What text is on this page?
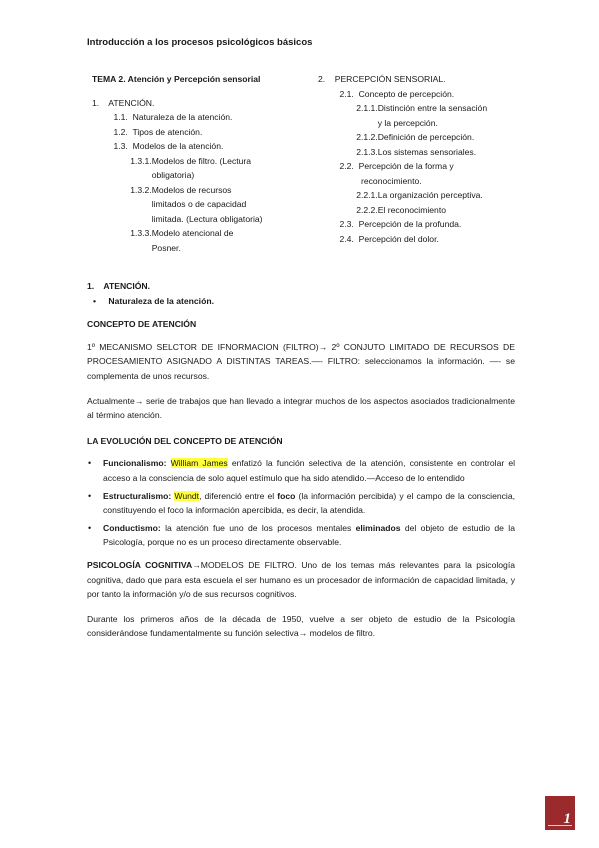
Introducción a los procesos psicológicos básicos
TEMA 2. Atención y Percepción sensorial
1.    ATENCIÓN.
1.1.  Naturaleza de la atención.
1.2.  Tipos de atención.
1.3.  Modelos de la atención.
1.3.1.Modelos de filtro. (Lectura
obligatoria)
1.3.2.Modelos de recursos
limitados o de capacidad
limitada. (Lectura obligatoria)
1.3.3.Modelo atencional de
Posner.
2.    PERCEPCIÓN SENSORIAL.
2.1.  Concepto de percepción.
2.1.1.Distinción entre la sensación
y la percepción.
2.1.2.Definición de percepción.
2.1.3.Los sistemas sensoriales.
2.2.  Percepción de la forma y
reconocimiento.
2.2.1.La organización perceptiva.
2.2.2.El reconocimiento
2.3.  Percepción de la profunda.
2.4.  Percepción del dolor.
1.    ATENCIÓN.
• Naturaleza de la atención.
CONCEPTO DE ATENCIÓN

1º MECANISMO SELCTOR DE IFNORMACION (FILTRO)→ 2º CONJUTO LIMITADO DE RECURSOS DE PROCESAMIENTO ASIGNADO A DISTINTAS TAREAS.—- FILTRO: seleccionamos la información. —- se complementa de unos recursos.

Actualmente→ serie de trabajos que han llevado a integrar muchos de los aspectos asociados tradicionalmente al término atención.

LA EVOLUCIÓN DEL CONCEPTO DE ATENCIÓN
• Funcionalismo: William James enfatizó la función selectiva de la atención, consistente en controlar el acceso a la consciencia de solo aquel estímulo que ha sido atendido.—Acceso de lo entendido

• Estructuralismo: Wundt, diferenció entre el foco (la información percibida) y el campo de la consciencia, constituyendo el foco la información apercibida, es decir, la atendida.

• Conductismo: la atención fue uno de los procesos mentales eliminados del objeto de estudio de la Psicología, porque no es un proceso directamente observable.

PSICOLOGÍA COGNITIVA→MODELOS DE FILTRO. Uno de los temas más relevantes para la psicología cognitiva, dado que para esta escuela el ser humano es un procesador de información de capacidad limitada, y por tanto la información y/o de sus recursos cognitivos.

Durante los primeros años de la década de 1950, vuelve a ser objeto de estudio de la Psicología considerándose fundamentalmente su función selectiva→ modelos de filtro.

1
